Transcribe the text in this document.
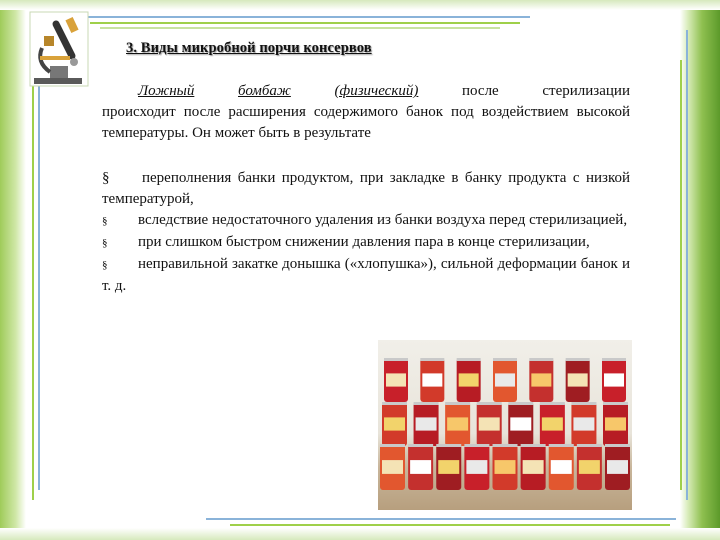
3. Виды микробной порчи консервов
Ложный	бомбаж	(физический)	после	стерилизации
происходит после расширения содержимого банок под воздействием высокой температуры. Он может быть в результате
§ переполнения банки продуктом, при закладке в банку продукта с низкой температурой,
§ вследствие недостаточного удаления из банки воздуха перед стерилизацией,
§ при слишком быстром снижении давления пара в конце стерилизации,
§ неправильной закатке донышка («хлопушка»), сильной деформации банок и т. д.
